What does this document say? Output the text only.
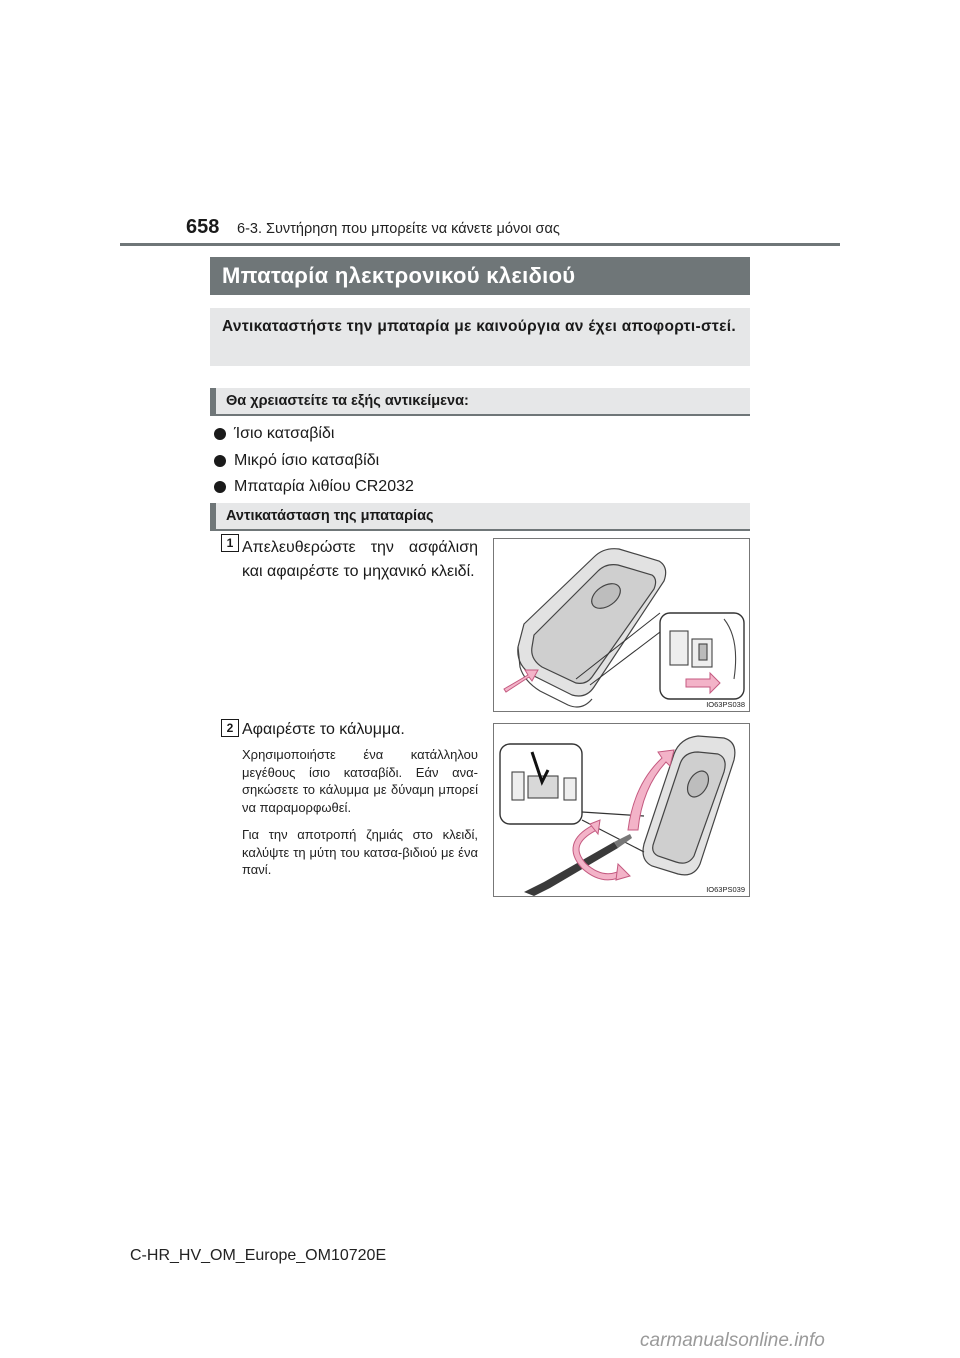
658 6-3. Συντήρηση που μπορείτε να κάνετε μόνοι σας
Μπαταρία ηλεκτρονικού κλειδιού
Αντικαταστήστε την μπαταρία με καινούργια αν έχει αποφορτι-στεί.
Θα χρειαστείτε τα εξής αντικείμενα:
Ίσιο κατσαβίδι
Μικρό ίσιο κατσαβίδι
Μπαταρία λιθίου CR2032
Αντικατάσταση της μπαταρίας
1 Απελευθερώστε την ασφάλιση και αφαιρέστε το μηχανικό κλειδί.
IO63PS038
2 Αφαιρέστε το κάλυμμα.
Χρησιμοποιήστε ένα κατάλληλου μεγέθους ίσιο κατσαβίδι. Εάν ανα-σηκώσετε το κάλυμμα με δύναμη μπορεί να παραμορφωθεί.
Για την αποτροπή ζημιάς στο κλειδί, καλύψτε τη μύτη του κατσα-βιδιού με ένα πανί.
IO63PS039
C-HR_HV_OM_Europe_OM10720E
carmanualsonline.info
